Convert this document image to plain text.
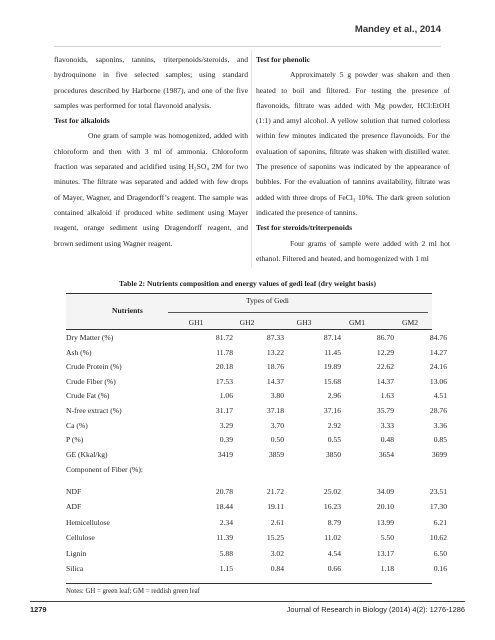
Mandey et al., 2014

flavonoids, saponins, tannins, triterpenoids/steroids, and hydroquinone in five selected samples; using standard procedures described by Harborne (1987), and one of the five samples was performed for total flavonoid analysis.

Test for alkaloids

One gram of sample was homogenized, added with chloroform and then with 3 ml of ammonia. Chloroform fraction was separated and acidified using H₂SO₄ 2M for two minutes. The filtrate was separated and added with few drops of Mayer, Wagner, and Dragendorff’s reagent. The sample was contained alkaloid if produced white sediment using Mayer reagent, orange sediment using Dragendorff reagent, and brown sediment using Wagner reagent.

Test for phenolic

Approximately 5 g powder was shaken and then heated to boil and filtered. For testing the presence of flavonoids, filtrate was added with Mg powder, HCl:EtOH (1:1) and amyl alcohol. A yellow solution that turned colorless within few minutes indicated the presence flavonoids. For the evaluation of saponins, filtrate was shaken with distilled water. The presence of saponins was indicated by the appearance of bubbles. For the evaluation of tannins availability, filtrate was added with three drops of FeCl₃ 10%. The dark green solution indicated the presence of tannins.

Test for steroids/triterpenoids

Four grams of sample were added with 2 ml hot ethanol. Filtered and heated, and homogenized with 1 ml

Table 2: Nutrients composition and energy values of gedi leaf (dry weight basis)
Nutrients
Types of Gedi
GH1	GH2	GH3	GM1	GM2
Dry Matter (%)	81.72	87.33	87.14	86.70	84.76
Ash (%)	11.78	13.22	11.45	12.29	14.27
Crude Protein (%)	20.18	18.76	19.89	22.62	24.16
Crude Fiber (%)	17.53	14.37	15.68	14.37	13.06
Crude Fat (%)	1.06	3.80	2.96	1.63	4.51
N-free extract (%)	31.17	37.18	37.16	35.79	28.76
Ca (%)	3.29	3.70	2.92	3.33	3.36
P (%)	0.39	0.50	0.55	0.48	0.85
GE (Kkal/kg)	3419	3859	3850	3654	3699
Component of Fiber (%):
NDF	20.78	21.72	25.02	34.09	23.51
ADF	18.44	19.11	16.23	20.10	17.30
Hemicellulose	2.34	2.61	8.79	13.99	6.21
Cellulose	11.39	15.25	11.02	5.50	10.62
Lignin	5.88	3.02	4.54	13.17	6.50
Silica	1.15	0.84	0.66	1.18	0.16
Notes: GH = green leaf; GM = reddish green leaf
1279	Journal of Research in Biology (2014) 4(2): 1276-1286
